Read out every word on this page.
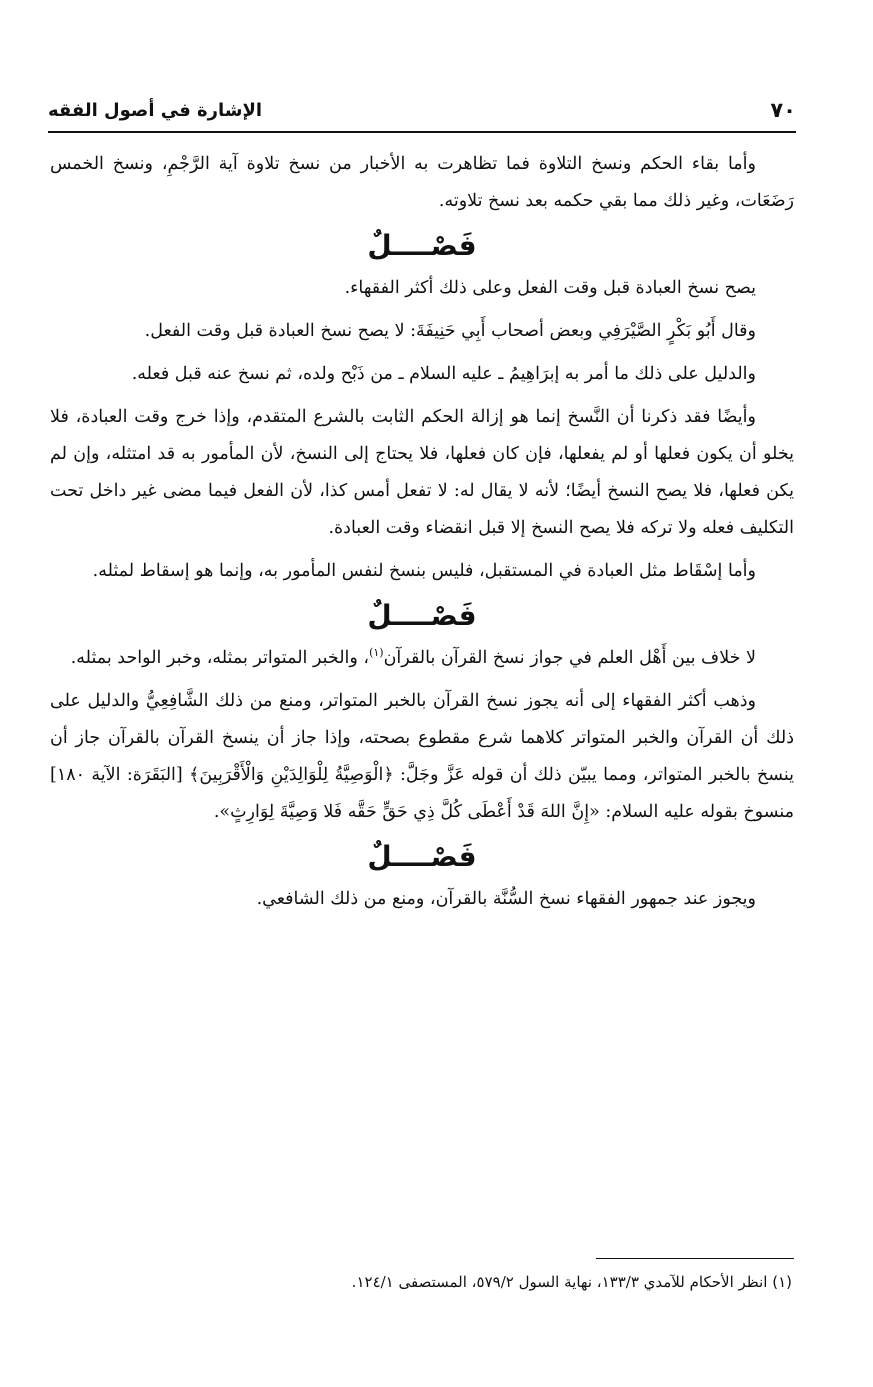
٧٠
الإشارة في أصول الفقه

وأما بقاء الحكم ونسخ التلاوة فما تظاهرت به الأخبار من نسخ تلاوة آية الرَّجْمِ، ونسخ الخمس رَضَعَات، وغير ذلك مما بقي حكمه بعد نسخ تلاوته.

فَصْــــلٌ

يصح نسخ العبادة قبل وقت الفعل وعلى ذلك أكثر الفقهاء.

وقال أَبُو بَكْرٍ الصَّيْرَفِي وبعض أصحاب أَبِي حَنِيفَةَ: لا يصح نسخ العبادة قبل وقت الفعل.

والدليل على ذلك ما أمر به إبرَاهِيمُ ـ عليه السلام ـ من ذَبْح ولده، ثم نسخ عنه قبل فعله.

وأيضًا فقد ذكرنا أن النَّسخ إنما هو إزالة الحكم الثابت بالشرع المتقدم، وإذا خرج وقت العبادة، فلا يخلو أن يكون فعلها أو لم يفعلها، فإن كان فعلها، فلا يحتاج إلى النسخ، لأن المأمور به قد امتثله، وإن لم يكن فعلها، فلا يصح النسخ أيضًا؛ لأنه لا يقال له: لا تفعل أمس كذا، لأن الفعل فيما مضى غير داخل تحت التكليف فعله ولا تركه فلا يصح النسخ إلا قبل انقضاء وقت العبادة.

وأما إسْقَاط مثل العبادة في المستقبل، فليس بنسخ لنفس المأمور به، وإنما هو إسقاط لمثله.

فَصْــــلٌ

لا خلاف بين أَهْل العلم في جواز نسخ القرآن بالقرآن$^{(١)}$، والخبر المتواتر بمثله، وخبر الواحد بمثله.

وذهب أكثر الفقهاء إلى أنه يجوز نسخ القرآن بالخبر المتواتر، ومنع من ذلك الشَّافِعِيُّ والدليل على ذلك أن القرآن والخبر المتواتر كلاهما شرع مقطوع بصحته، وإذا جاز أن ينسخ القرآن بالقرآن جاز أن ينسخ بالخبر المتواتر، ومما يبيّن ذلك أن قوله عَزَّ وجَلَّ: ﴿الْوَصِيَّةُ لِلْوَالِدَيْنِ وَالْأَقْرَبِينَ﴾ [البَقَرَة: الآية ١٨٠] منسوخ بقوله عليه السلام: «إِنَّ اللهَ قَدْ أَعْطَى كُلَّ ذِي حَقٍّ حَقَّه فَلا وَصِيَّةَ لِوَارِثٍ».

فَصْــــلٌ

ويجوز عند جمهور الفقهاء نسخ السُّنَّة بالقرآن، ومنع من ذلك الشافعي.

(١) انظر الأحكام للآمدي ١٣٣/٣، نهاية السول ٥٧٩/٢، المستصفى ١٢٤/١.
